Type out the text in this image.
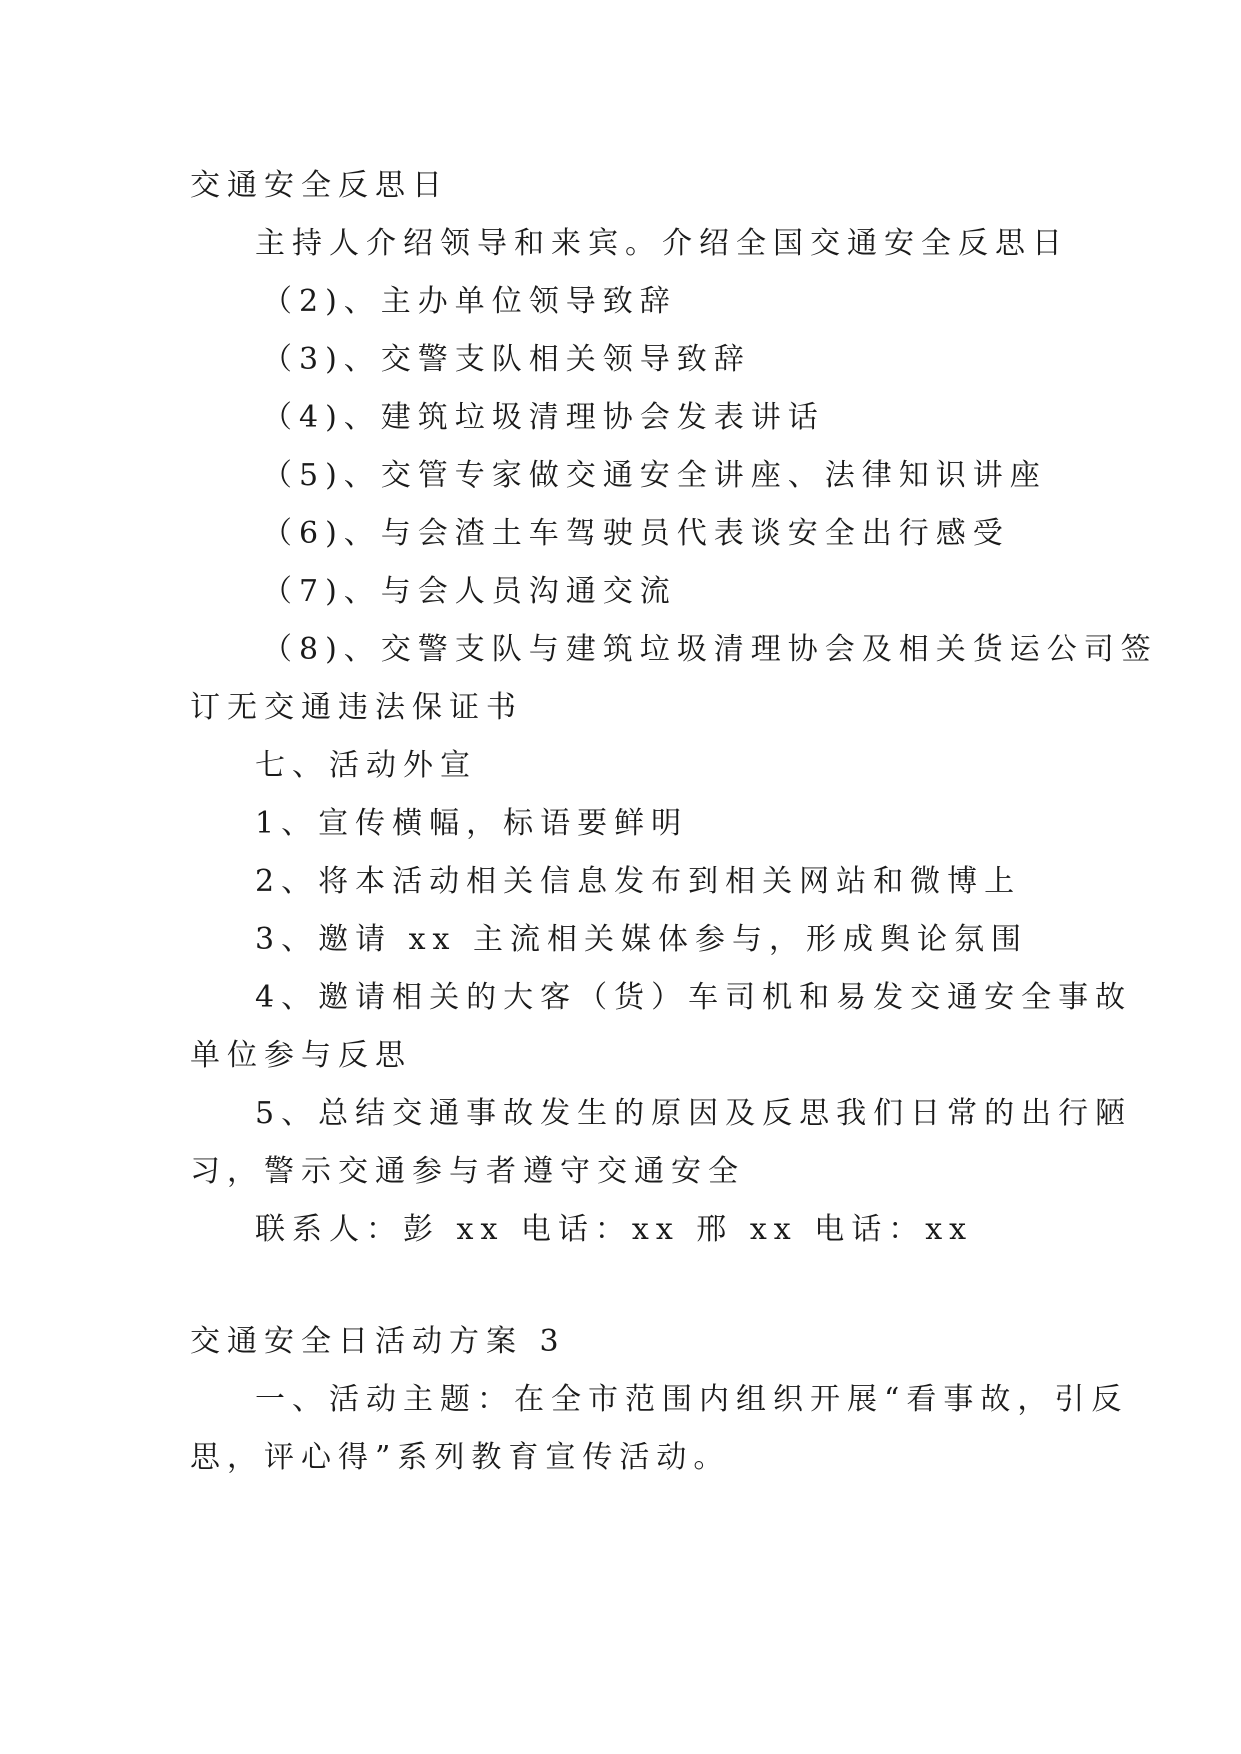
交通安全反思日
主持人介绍领导和来宾。介绍全国交通安全反思日
（2)、主办单位领导致辞
（3)、交警支队相关领导致辞
（4)、建筑垃圾清理协会发表讲话
（5)、交管专家做交通安全讲座、法律知识讲座
（6)、与会渣土车驾驶员代表谈安全出行感受
（7)、与会人员沟通交流
（8)、交警支队与建筑垃圾清理协会及相关货运公司签
订无交通违法保证书
七、活动外宣
1、宣传横幅，标语要鲜明
2、将本活动相关信息发布到相关网站和微博上
3、邀请 xx 主流相关媒体参与，形成舆论氛围
4、邀请相关的大客（货）车司机和易发交通安全事故
单位参与反思
5、总结交通事故发生的原因及反思我们日常的出行陋
习，警示交通参与者遵守交通安全
联系人：彭 xx 电话：xx 邢 xx 电话：xx
交通安全日活动方案 3
一、活动主题：在全市范围内组织开展“看事故，引反
思，评心得”系列教育宣传活动。
